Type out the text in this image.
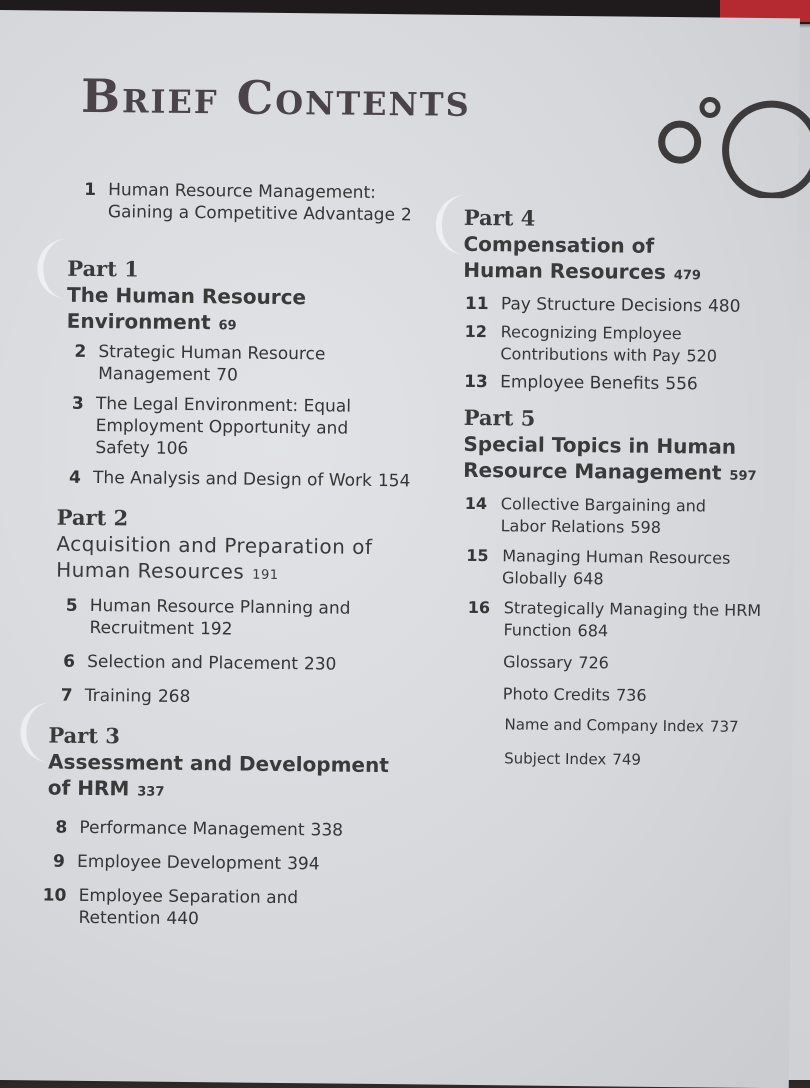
Brief Contents
1 Human Resource Management: Gaining a Competitive Advantage 2
Part 1
The Human Resource Environment 69
2 Strategic Human Resource Management 70
3 The Legal Environment: Equal Employment Opportunity and Safety 106
4 The Analysis and Design of Work 154
Part 2
Acquisition and Preparation of Human Resources 191
5 Human Resource Planning and Recruitment 192
6 Selection and Placement 230
7 Training 268
Part 3
Assessment and Development of HRM 337
8 Performance Management 338
9 Employee Development 394
10 Employee Separation and Retention 440
Part 4
Compensation of Human Resources 479
11 Pay Structure Decisions 480
12 Recognizing Employee Contributions with Pay 520
13 Employee Benefits 556
Part 5
Special Topics in Human Resource Management 597
14 Collective Bargaining and Labor Relations 598
15 Managing Human Resources Globally 648
16 Strategically Managing the HRM Function 684
Glossary 726
Photo Credits 736
Name and Company Index 737
Subject Index 749
